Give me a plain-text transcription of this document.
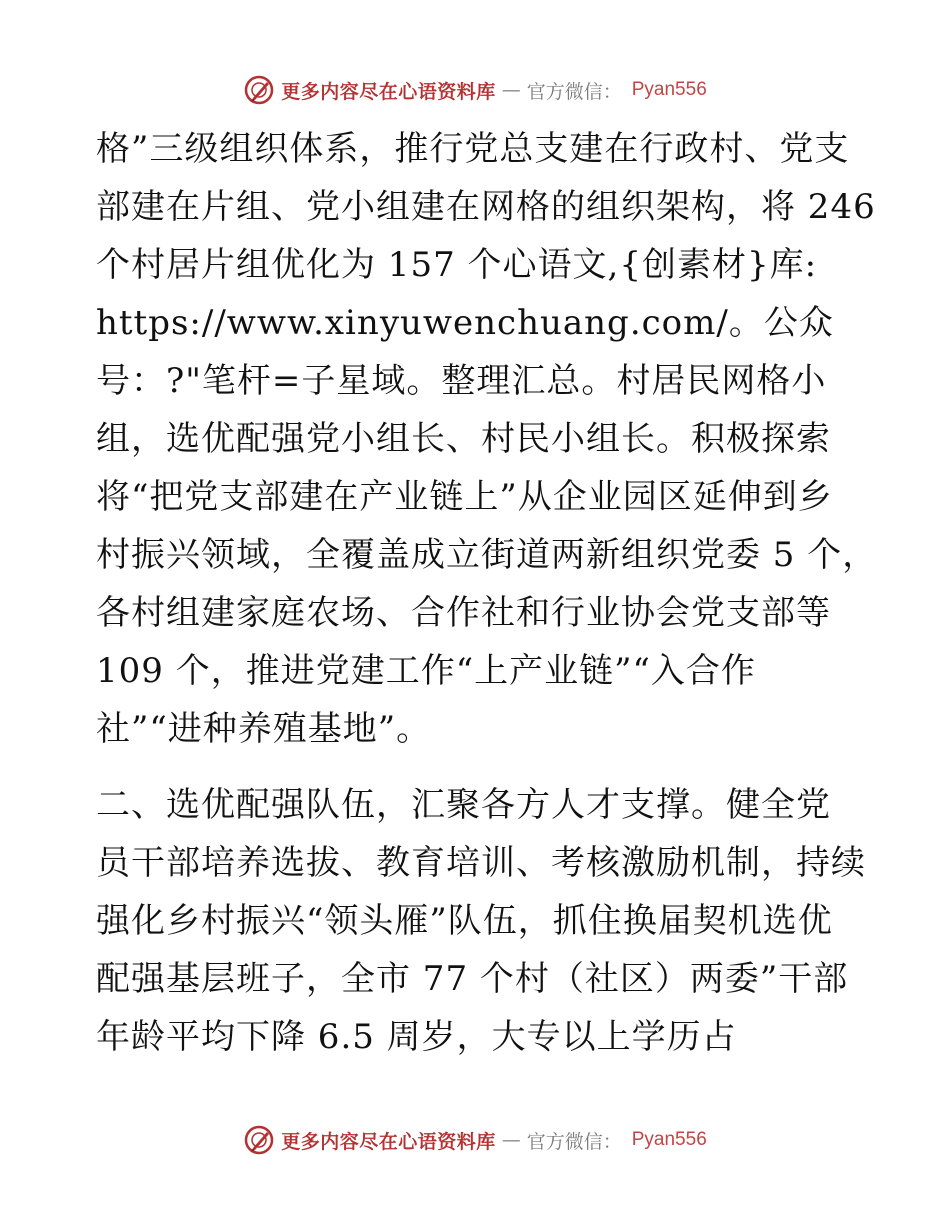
更多内容尽在心语资料库 — 官方微信： Pyan556
格”三级组织体系，推行党总支建在行政村、党支
部建在片组、党小组建在网格的组织架构，将 246
个村居片组优化为 157 个心语文,{创素材}库:
https://www.xinyuwenchuang.com/。公众
号：?"笔杆=子星域。整理汇总。村居民网格小
组，选优配强党小组长、村民小组长。积极探索
将“把党支部建在产业链上”从企业园区延伸到乡
村振兴领域，全覆盖成立街道两新组织党委 5 个，
各村组建家庭农场、合作社和行业协会党支部等
109 个，推进党建工作“上产业链”“入合作
社”“进种养殖基地”。
二、选优配强队伍，汇聚各方人才支撑。健全党
员干部培养选拔、教育培训、考核激励机制，持续
强化乡村振兴“领头雁”队伍，抓住换届契机选优
配强基层班子，全市 77 个村（社区）两委”干部
年龄平均下降 6.5 周岁，大专以上学历占
更多内容尽在心语资料库 — 官方微信： Pyan556
